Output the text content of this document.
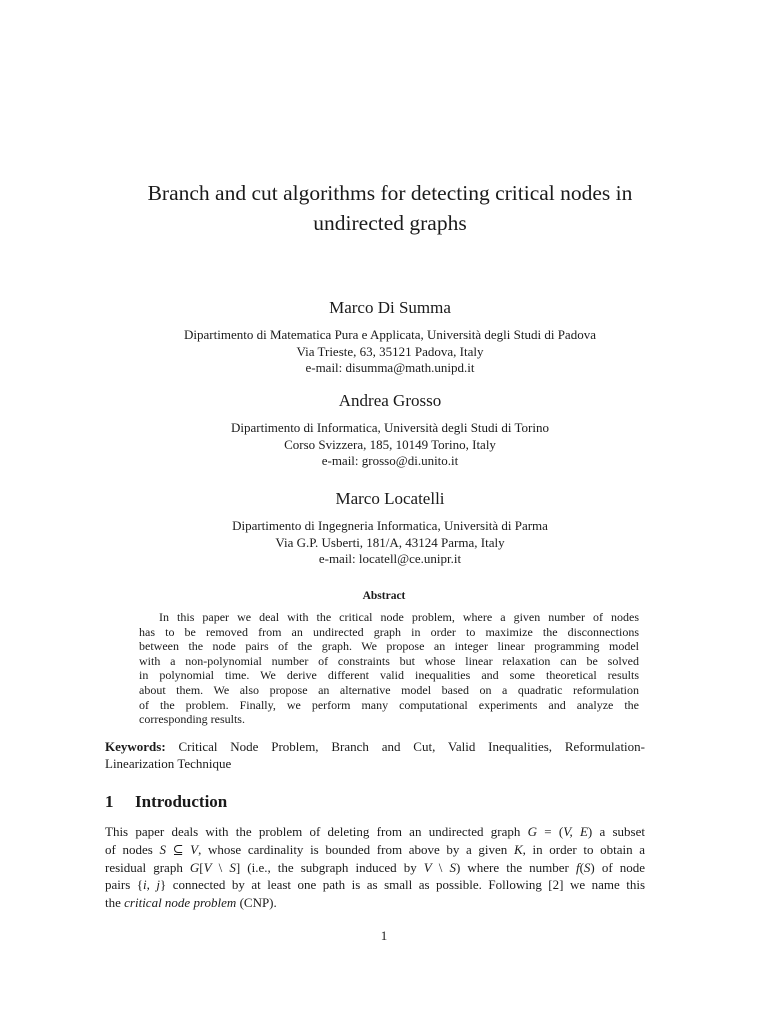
Branch and cut algorithms for detecting critical nodes in
undirected graphs
Marco Di Summa
Dipartimento di Matematica Pura e Applicata, Università degli Studi di Padova
Via Trieste, 63, 35121 Padova, Italy
e-mail: disumma@math.unipd.it
Andrea Grosso
Dipartimento di Informatica, Università degli Studi di Torino
Corso Svizzera, 185, 10149 Torino, Italy
e-mail: grosso@di.unito.it
Marco Locatelli
Dipartimento di Ingegneria Informatica, Università di Parma
Via G.P. Usberti, 181/A, 43124 Parma, Italy
e-mail: locatell@ce.unipr.it
Abstract
In this paper we deal with the critical node problem, where a given number of nodes
has to be removed from an undirected graph in order to maximize the disconnections
between the node pairs of the graph. We propose an integer linear programming model
with a non-polynomial number of constraints but whose linear relaxation can be solved
in polynomial time. We derive different valid inequalities and some theoretical results
about them. We also propose an alternative model based on a quadratic reformulation
of the problem. Finally, we perform many computational experiments and analyze the
corresponding results.
Keywords: Critical Node Problem, Branch and Cut, Valid Inequalities, Reformulation-
Linearization Technique
1 Introduction
This paper deals with the problem of deleting from an undirected graph G = (V, E) a subset
of nodes S ⊆ V, whose cardinality is bounded from above by a given K, in order to obtain a
residual graph G[V \ S] (i.e., the subgraph induced by V \ S) where the number f(S) of node
pairs {i, j} connected by at least one path is as small as possible. Following [2] we name this
the critical node problem (CNP).
1
